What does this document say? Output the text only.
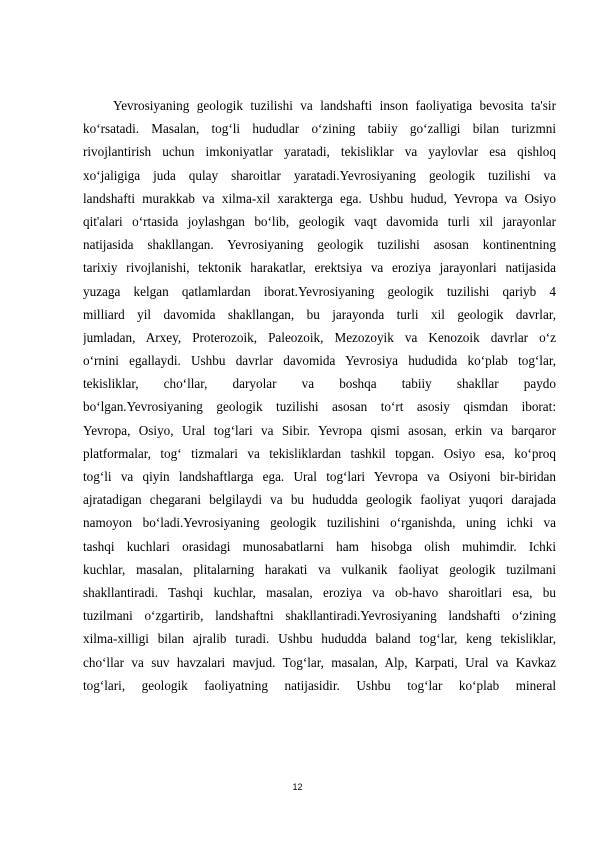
Yevrosiyaning geologik tuzilishi va landshafti inson faoliyatiga bevosita ta'sir
ko‘rsatadi. Masalan, tog‘li hududlar o‘zining tabiiy go‘zalligi bilan turizmni
rivojlantirish uchun imkoniyatlar yaratadi, tekisliklar va yaylovlar esa qishloq
xo‘jaligiga juda qulay sharoitlar yaratadi.Yevrosiyaning geologik tuzilishi va
landshafti murakkab va xilma-xil xarakterga ega. Ushbu hudud, Yevropa va Osiyo
qit'alari o‘rtasida joylashgan bo‘lib, geologik vaqt davomida turli xil jarayonlar
natijasida shakllangan. Yevrosiyaning geologik tuzilishi asosan kontinentning
tarixiy rivojlanishi, tektonik harakatlar, erektsiya va eroziya jarayonlari natijasida
yuzaga kelgan qatlamlardan iborat.Yevrosiyaning geologik tuzilishi qariyb 4
milliard yil davomida shakllangan, bu jarayonda turli xil geologik davrlar,
jumladan, Arxey, Proterozoik, Paleozoik, Mezozoyik va Kenozoik davrlar o‘z
o‘rnini egallaydi. Ushbu davrlar davomida Yevrosiya hududida ko‘plab tog‘lar,
tekisliklar, cho‘llar, daryolar va boshqa tabiiy shakllar paydo
bo‘lgan.Yevrosiyaning geologik tuzilishi asosan to‘rt asosiy qismdan iborat:
Yevropa, Osiyo, Ural tog‘lari va Sibir. Yevropa qismi asosan, erkin va barqaror
platformalar, tog‘ tizmalari va tekisliklardan tashkil topgan. Osiyo esa, ko‘proq
tog‘li va qiyin landshaftlarga ega. Ural tog‘lari Yevropa va Osiyoni bir-biridan
ajratadigan chegarani belgilaydi va bu hududda geologik faoliyat yuqori darajada
namoyon bo‘ladi.Yevrosiyaning geologik tuzilishini o‘rganishda, uning ichki va
tashqi kuchlari orasidagi munosabatlarni ham hisobga olish muhimdir. Ichki
kuchlar, masalan, plitalarning harakati va vulkanik faoliyat geologik tuzilmani
shakllantiradi. Tashqi kuchlar, masalan, eroziya va ob-havo sharoitlari esa, bu
tuzilmani o‘zgartirib, landshaftni shakllantiradi.Yevrosiyaning landshafti o‘zining
xilma-xilligi bilan ajralib turadi. Ushbu hududda baland tog‘lar, keng tekisliklar,
cho‘llar va suv havzalari mavjud. Tog‘lar, masalan, Alp, Karpati, Ural va Kavkaz
tog‘lari, geologik faoliyatning natijasidir. Ushbu tog‘lar ko‘plab mineral
12
